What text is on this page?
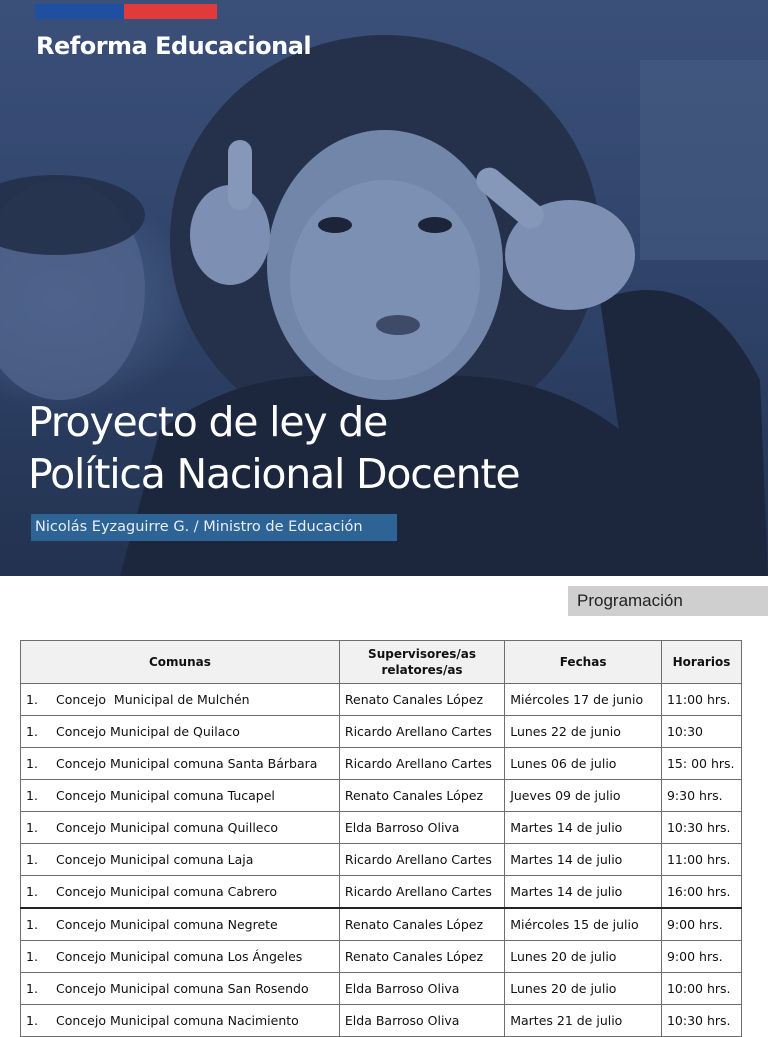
Reforma Educacional
Proyecto de ley de
Política Nacional Docente
Nicolás Eyzaguirre G. / Ministro de Educación
Programación
Comunas	Supervisores/as relatores/as	Fechas	Horarios
1. Concejo  Municipal de Mulchén	Renato Canales López	Miércoles 17 de junio	11:00 hrs.
1. Concejo Municipal de Quilaco	Ricardo Arellano Cartes	Lunes 22 de junio	10:30
1. Concejo Municipal comuna Santa Bárbara	Ricardo Arellano Cartes	Lunes 06 de julio	15: 00 hrs.
1. Concejo Municipal comuna Tucapel	Renato Canales López	Jueves 09 de julio	9:30 hrs.
1. Concejo Municipal comuna Quilleco	Elda Barroso Oliva	Martes 14 de julio	10:30 hrs.
1. Concejo Municipal comuna Laja	Ricardo Arellano Cartes	Martes 14 de julio	11:00 hrs.
1. Concejo Municipal comuna Cabrero	Ricardo Arellano Cartes	Martes 14 de julio	16:00 hrs.
1. Concejo Municipal comuna Negrete	Renato Canales López	Miércoles 15 de julio	9:00 hrs.
1. Concejo Municipal comuna Los Ángeles	Renato Canales López	Lunes 20 de julio	9:00 hrs.
1. Concejo Municipal comuna San Rosendo	Elda Barroso Oliva	Lunes 20 de julio	10:00 hrs.
1. Concejo Municipal comuna Nacimiento	Elda Barroso Oliva	Martes 21 de julio	10:30 hrs.
